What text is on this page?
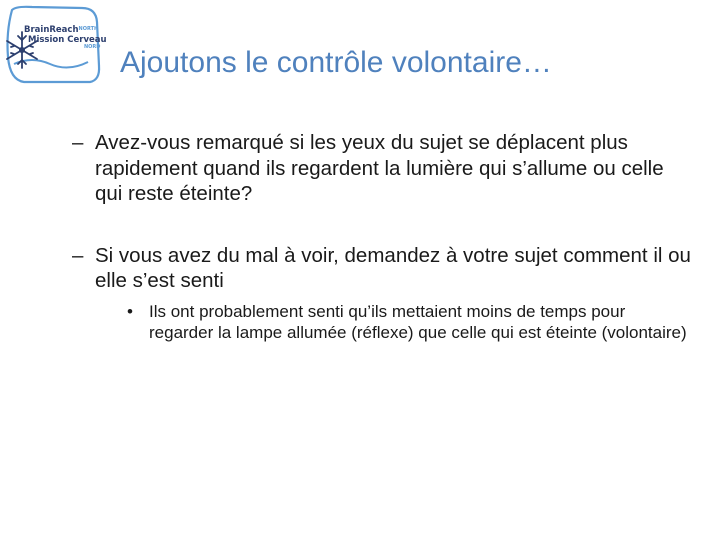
BrainReach$^{NORTH}$
Mission Cerveau
NORD Ajoutons le contrôle volontaire…
– Avez-vous remarqué si les yeux du sujet se déplacent plus rapidement quand ils regardent la lumière qui s’allume ou celle qui reste éteinte?
– Si vous avez du mal à voir, demandez à votre sujet comment il ou elle s’est senti
• Ils ont probablement senti qu’ils mettaient moins de temps pour regarder la lampe allumée (réflexe) que celle qui est éteinte (volontaire)
